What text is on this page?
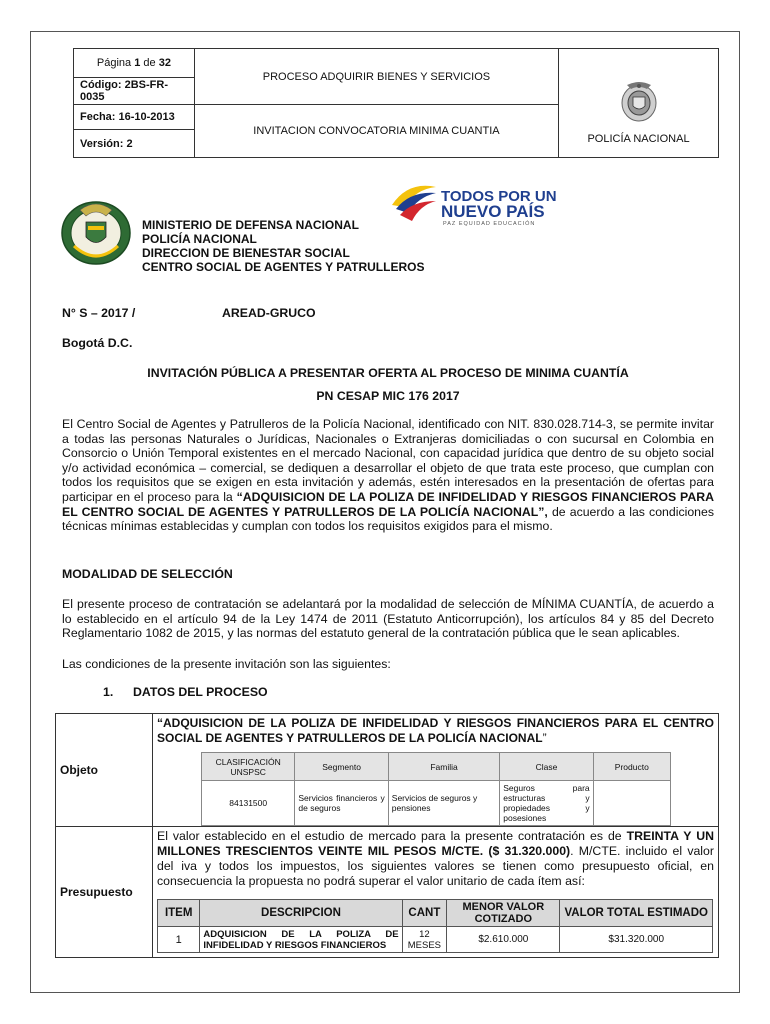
Página 1 de 32	PROCESO ADQUIRIR BIENES Y SERVICIOS	POLICÍA NACIONAL
Código: 2BS-FR-0035		
Fecha: 16-10-2013	INVITACION CONVOCATORIA MINIMA CUANTIA	
Versión: 2		
TODOS POR UN
NUEVO PAÍS
PAZ EQUIDAD EDUCACIÓN
MINISTERIO DE DEFENSA NACIONAL
POLICÍA NACIONAL
DIRECCION DE BIENESTAR SOCIAL
CENTRO SOCIAL DE AGENTES Y PATRULLEROS
N° S – 2017 /	AREAD-GRUCO
Bogotá D.C.
INVITACIÓN PÚBLICA A PRESENTAR OFERTA AL PROCESO DE MINIMA CUANTÍA
PN CESAP MIC 176 2017
El Centro Social de Agentes y Patrulleros de la Policía Nacional, identificado con NIT. 830.028.714-3, se permite invitar a todas las personas Naturales o Jurídicas, Nacionales o Extranjeras domiciliadas o con sucursal en Colombia en Consorcio o Unión Temporal existentes en el mercado Nacional, con capacidad jurídica que dentro de su objeto social y/o actividad económica – comercial, se dediquen a desarrollar el objeto de que trata este proceso, que cumplan con todos los requisitos que se exigen en esta invitación y además, estén interesados en la presentación de ofertas para participar en el proceso para la “ADQUISICION DE LA POLIZA DE INFIDELIDAD Y RIESGOS FINANCIEROS PARA EL CENTRO SOCIAL DE AGENTES Y PATRULLEROS DE LA POLICÍA NACIONAL”, de acuerdo a las condiciones técnicas mínimas establecidas y cumplan con todos los requisitos exigidos para el mismo.
MODALIDAD DE SELECCIÓN
El presente proceso de contratación se adelantará por la modalidad de selección de MÍNIMA CUANTÍA, de acuerdo a lo establecido en el artículo 94 de la Ley 1474 de 2011 (Estatuto Anticorrupción), los artículos 84 y 85 del Decreto Reglamentario 1082 de 2015, y las normas del estatuto general de la contratación pública que le sean aplicables.
Las condiciones de la presente invitación son las siguientes:
1. DATOS DEL PROCESO
Objeto	
“ADQUISICION DE LA POLIZA DE INFIDELIDAD Y RIESGOS FINANCIEROS PARA EL CENTRO SOCIAL DE AGENTES Y PATRULLEROS DE LA POLICÍA NACIONAL”
CLASIFICACIÓN UNSPSC	Segmento	Familia	Clase	Producto
84131500	Servicios financieros y de seguros	Servicios de seguros y pensiones	Seguros para estructuras y propiedades y posesiones	

Presupuesto	
El valor establecido en el estudio de mercado para la presente contratación es de TREINTA Y UN MILLONES TRESCIENTOS VEINTE MIL PESOS M/CTE. ($ 31.320.000). M/CTE. incluido el valor del iva y todos los impuestos, los siguientes valores se tienen como presupuesto oficial, en consecuencia la propuesta no podrá superar el valor unitario de cada ítem así:
ITEM	DESCRIPCION	CANT	MENOR VALOR COTIZADO	VALOR TOTAL ESTIMADO
1	ADQUISICION DE LA POLIZA DE INFIDELIDAD Y RIESGOS FINANCIEROS	12 MESES	$2.610.000	$31.320.000
